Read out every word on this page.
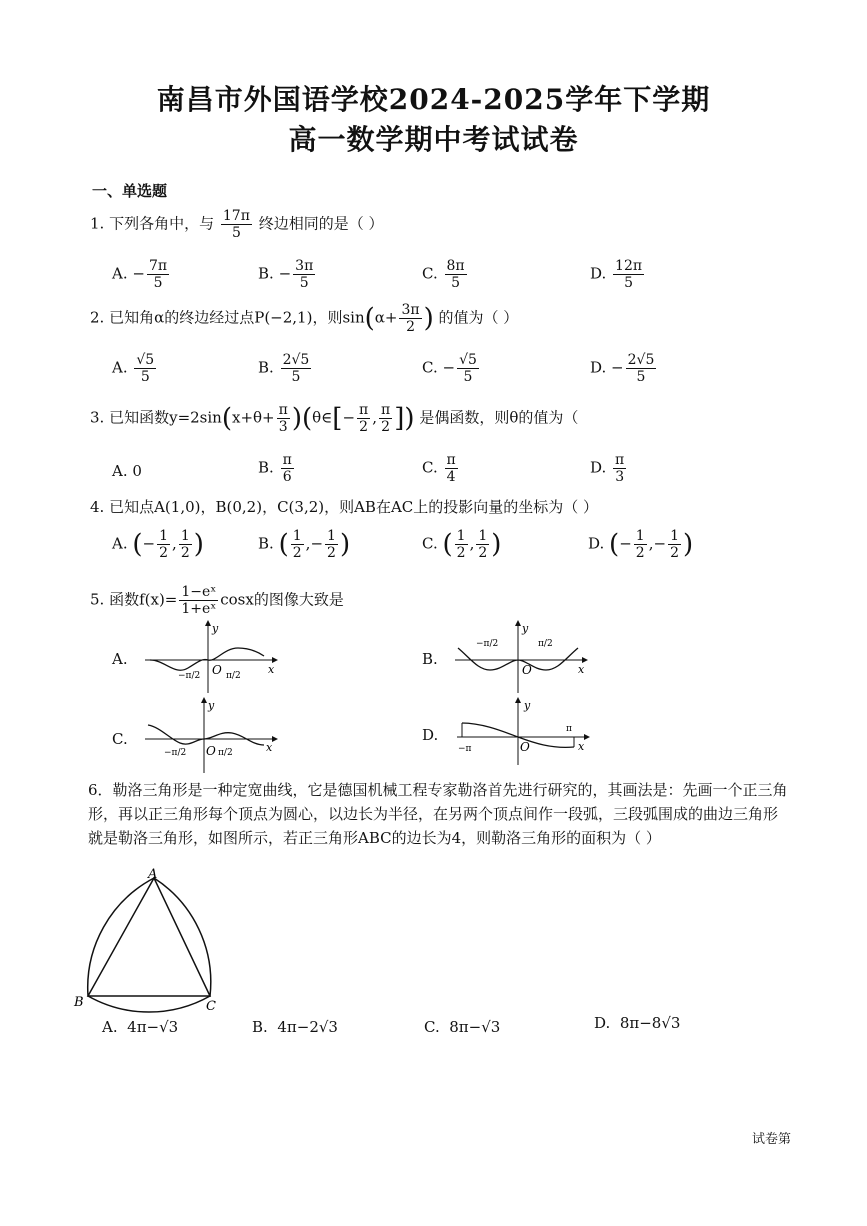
南昌市外国语学校2024-2025学年下学期
高一数学期中考试试卷
一、单选题
1. 下列各角中，与 $\frac{17\pi}{5}$ 终边相同的是（ ）
A. − $\frac{7\pi}{5}$	B. − $\frac{3\pi}{5}$	C. $\frac{8\pi}{5}$	D. $\frac{12\pi}{5}$
2. 已知角α的终边经过点P(−2,1)，则$\sin(\alpha+ \frac{3\pi}{2}$ ) 的值为（ ）
A. $\frac{√5}{5}$	B. $\frac{2√5}{5}$	C. − $\frac{√5}{5}$	D. − $\frac{2√5}{5}$
3. 已知函数$y=2\sin(x+\theta+ \frac{\pi}{3}$ )(θ∈[− $\frac{\pi}{2}$ , $\frac{\pi}{2}$ ]) 是偶函数，则θ的值为（
A. 0	B. $\frac{\pi}{6}$	C. $\frac{\pi}{4}$	D. $\frac{\pi}{3}$
4. 已知点A(1,0)，B(0,2)，C(3,2)，则AB在AC上的投影向量的坐标为（ ）
A. (− $\frac{1}{2}$ , $\frac{1}{2}$ )	B. ( $\frac{1}{2}$ ,− $\frac{1}{2}$ )	C. ( $\frac{1}{2}$ , $\frac{1}{2}$ )	D. (− $\frac{1}{2}$ ,− $\frac{1}{2}$ )
5. 函数$f(x)= \frac{\text{1−eˣ}}{\text{1+eˣ}}$ cosx的图像大致是
A.
O	x
y
−π/2	π/2
B.
O	x
y
−π/2	π/2
C.
O	x
y
−π/2	π/2
D.
O	x
y
−π
π
6．勒洛三角形是一种定宽曲线，它是德国机械工程专家勒洛首先进行研究的，其画法是：先画一个正三角形，再以正三角形每个顶点为圆心，以边长为半径，在另两个顶点间作一段弧，三段弧围成的曲边三角形就是勒洛三角形，如图所示，若正三角形ABC的边长为4，则勒洛三角形的面积为（ ）
A
B	C
A. 4π−√3	B. 4π−2√3	C. 8π−√3	D. 8π−8√3
试卷第
